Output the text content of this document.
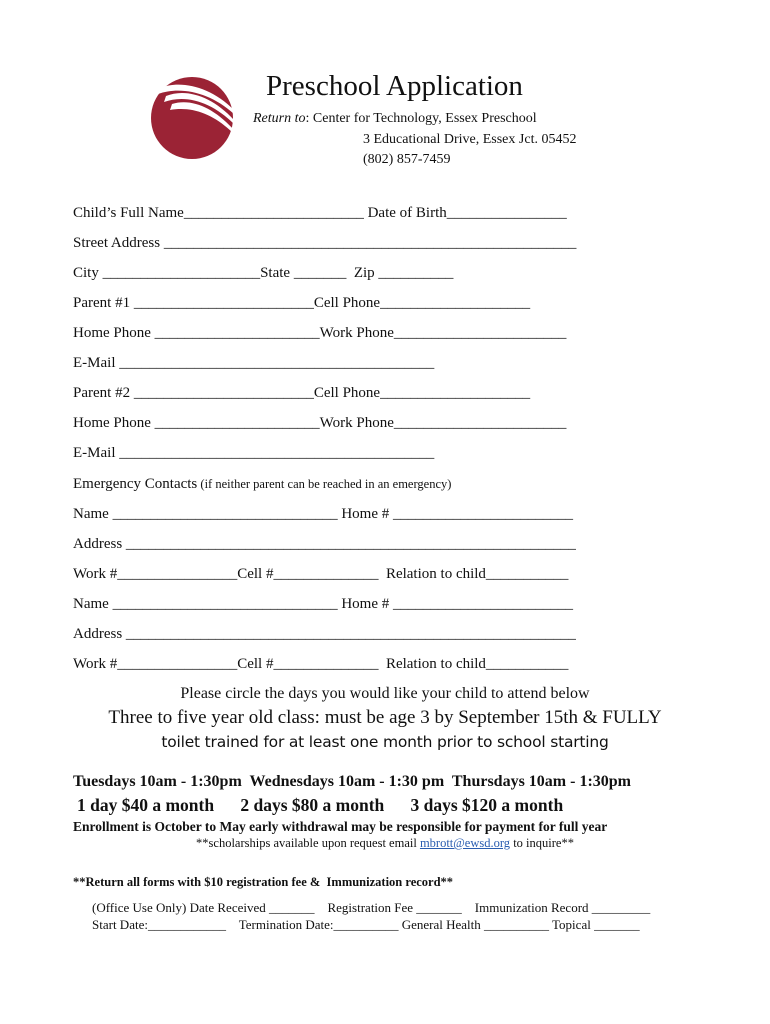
Preschool Application
Return to: Center for Technology, Essex Preschool
3 Educational Drive, Essex Jct. 05452
(802) 857-7459
Child’s Full Name________________________ Date of Birth________________
Street Address _______________________________________________________
City _____________________State _______  Zip __________
Parent #1 ________________________Cell Phone____________________
Home Phone ______________________Work Phone_______________________
E-Mail __________________________________________
Parent #2 ________________________Cell Phone____________________
Home Phone ______________________Work Phone_______________________
E-Mail __________________________________________
Emergency Contacts (if neither parent can be reached in an emergency)
Name ______________________________ Home # ________________________
Address ____________________________________________________________
Work #________________Cell #______________  Relation to child___________
Name ______________________________ Home # ________________________
Address ____________________________________________________________
Work #________________Cell #______________  Relation to child___________
Please circle the days you would like your child to attend below
Three to five year old class: must be age 3 by September 15th & FULLY
toilet trained for at least one month prior to school starting
Tuesdays 10am - 1:30pm  Wednesdays 10am - 1:30 pm  Thursdays 10am - 1:30pm
1 day $40 a month      2 days $80 a month      3 days $120 a month
Enrollment is October to May early withdrawal may be responsible for payment for full year
**scholarships available upon request email mbrott@ewsd.org to inquire**
**Return all forms with $10 registration fee &  Immunization record**
(Office Use Only) Date Received _______    Registration Fee _______    Immunization Record _________
Start Date:____________    Termination Date:__________ General Health __________ Topical _______
